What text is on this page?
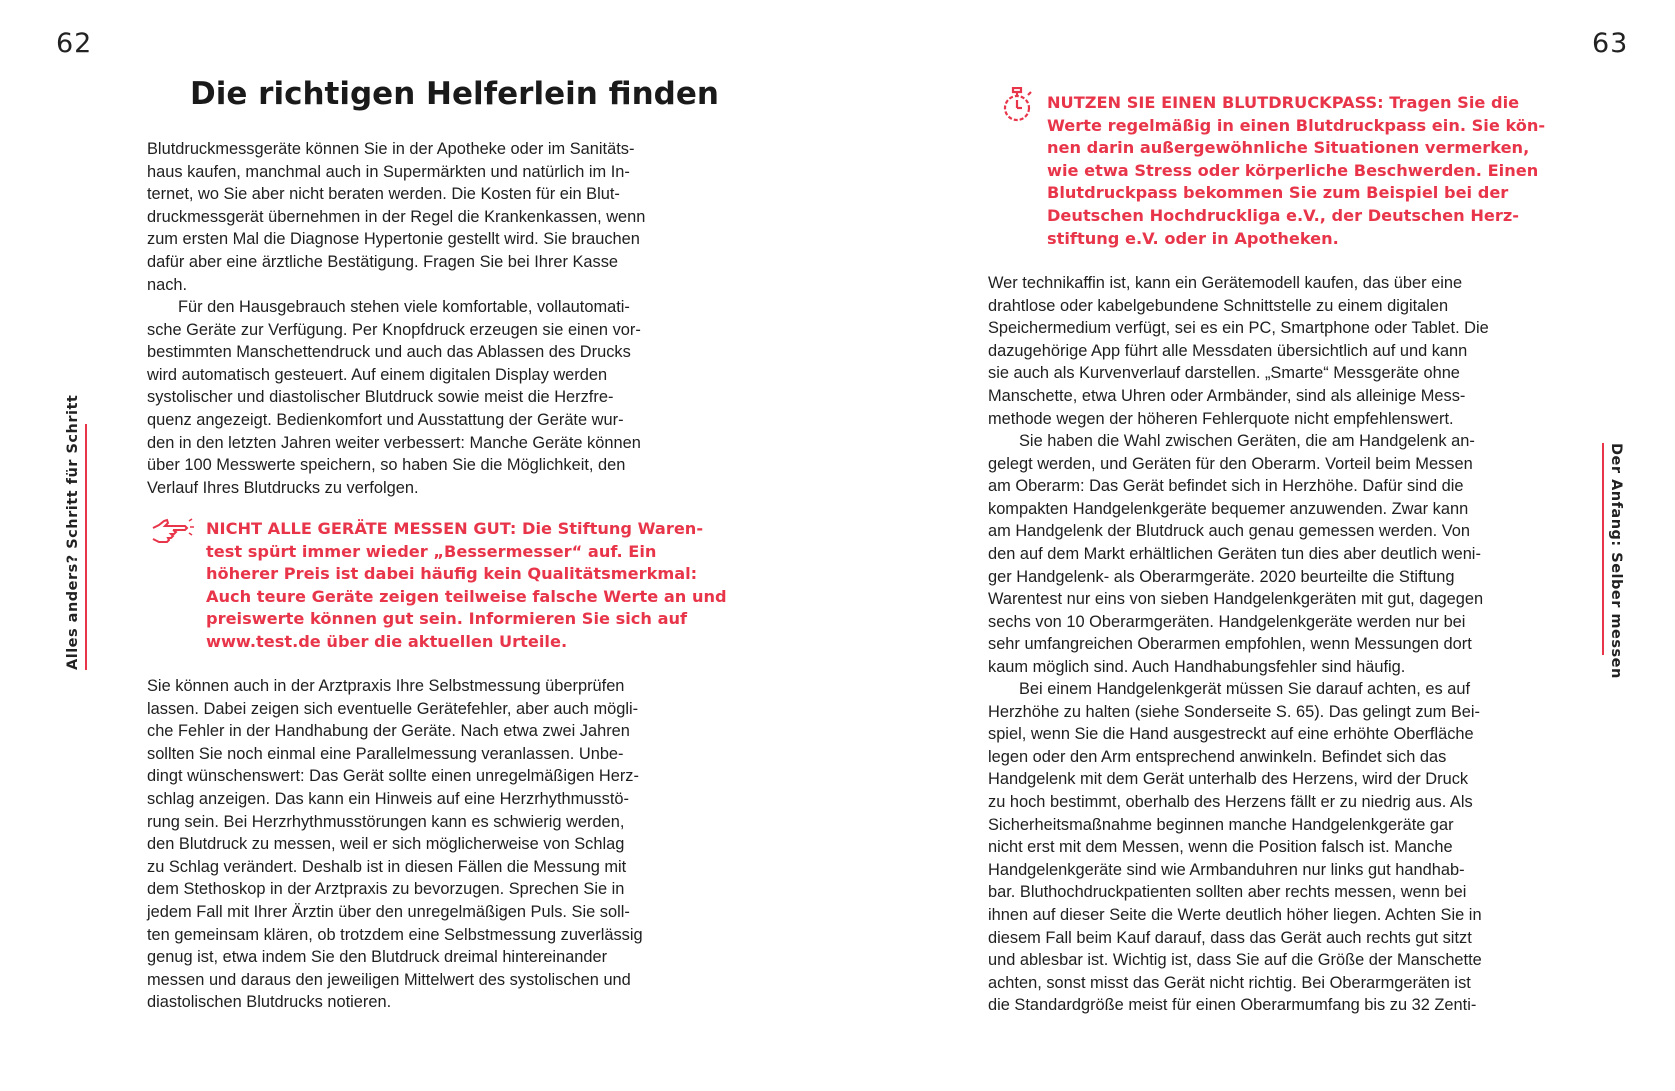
62
Alles anders? Schritt für Schritt
Die richtigen Helferlein finden
Blutdruckmessgeräte können Sie in der Apotheke oder im Sanitäts-
haus kaufen, manchmal auch in Supermärkten und natürlich im In-
ternet, wo Sie aber nicht beraten werden. Die Kosten für ein Blut-
druckmessgerät übernehmen in der Regel die Krankenkassen, wenn
zum ersten Mal die Diagnose Hypertonie gestellt wird. Sie brauchen
dafür aber eine ärztliche Bestätigung. Fragen Sie bei Ihrer Kasse
nach.
Für den Hausgebrauch stehen viele komfortable, vollautomati-
sche Geräte zur Verfügung. Per Knopfdruck erzeugen sie einen vor-
bestimmten Manschettendruck und auch das Ablassen des Drucks
wird automatisch gesteuert. Auf einem digitalen Display werden
systolischer und diastolischer Blutdruck sowie meist die Herzfre-
quenz angezeigt. Bedienkomfort und Ausstattung der Geräte wur-
den in den letzten Jahren weiter verbessert: Manche Geräte können
über 100 Messwerte speichern, so haben Sie die Möglichkeit, den
Verlauf Ihres Blutdrucks zu verfolgen.
NICHT ALLE GERÄTE MESSEN GUT: Die Stiftung Waren-
test spürt immer wieder „Bessermesser“ auf. Ein
höherer Preis ist dabei häufig kein Qualitätsmerkmal:
Auch teure Geräte zeigen teilweise falsche Werte an und
preiswerte können gut sein. Informieren Sie sich auf
www.test.de über die aktuellen Urteile.
Sie können auch in der Arztpraxis Ihre Selbstmessung überprüfen
lassen. Dabei zeigen sich eventuelle Gerätefehler, aber auch mögli-
che Fehler in der Handhabung der Geräte. Nach etwa zwei Jahren
sollten Sie noch einmal eine Parallelmessung veranlassen. Unbe-
dingt wünschenswert: Das Gerät sollte einen unregelmäßigen Herz-
schlag anzeigen. Das kann ein Hinweis auf eine Herzrhythmusstö-
rung sein. Bei Herzrhythmusstörungen kann es schwierig werden,
den Blutdruck zu messen, weil er sich möglicherweise von Schlag
zu Schlag verändert. Deshalb ist in diesen Fällen die Messung mit
dem Stethoskop in der Arztpraxis zu bevorzugen. Sprechen Sie in
jedem Fall mit Ihrer Ärztin über den unregelmäßigen Puls. Sie soll-
ten gemeinsam klären, ob trotzdem eine Selbstmessung zuverlässig
genug ist, etwa indem Sie den Blutdruck dreimal hintereinander
messen und daraus den jeweiligen Mittelwert des systolischen und
diastolischen Blutdrucks notieren.
63
Der Anfang: Selber messen
NUTZEN SIE EINEN BLUTDRUCKPASS: Tragen Sie die
Werte regelmäßig in einen Blutdruckpass ein. Sie kön-
nen darin außergewöhnliche Situationen vermerken,
wie etwa Stress oder körperliche Beschwerden. Einen
Blutdruckpass bekommen Sie zum Beispiel bei der
Deutschen Hochdruckliga e.V., der Deutschen Herz-
stiftung e.V. oder in Apotheken.
Wer technikaffin ist, kann ein Gerätemodell kaufen, das über eine
drahtlose oder kabelgebundene Schnittstelle zu einem digitalen
Speichermedium verfügt, sei es ein PC, Smartphone oder Tablet. Die
dazugehörige App führt alle Messdaten übersichtlich auf und kann
sie auch als Kurvenverlauf darstellen. „Smarte“ Messgeräte ohne
Manschette, etwa Uhren oder Armbänder, sind als alleinige Mess-
methode wegen der höheren Fehlerquote nicht empfehlenswert.
Sie haben die Wahl zwischen Geräten, die am Handgelenk an-
gelegt werden, und Geräten für den Oberarm. Vorteil beim Messen
am Oberarm: Das Gerät befindet sich in Herzhöhe. Dafür sind die
kompakten Handgelenkgeräte bequemer anzuwenden. Zwar kann
am Handgelenk der Blutdruck auch genau gemessen werden. Von
den auf dem Markt erhältlichen Geräten tun dies aber deutlich weni-
ger Handgelenk- als Oberarmgeräte. 2020 beurteilte die Stiftung
Warentest nur eins von sieben Handgelenkgeräten mit gut, dagegen
sechs von 10 Oberarmgeräten. Handgelenkgeräte werden nur bei
sehr umfangreichen Oberarmen empfohlen, wenn Messungen dort
kaum möglich sind. Auch Handhabungsfehler sind häufig.
Bei einem Handgelenkgerät müssen Sie darauf achten, es auf
Herzhöhe zu halten (siehe Sonderseite S. 65). Das gelingt zum Bei-
spiel, wenn Sie die Hand ausgestreckt auf eine erhöhte Oberfläche
legen oder den Arm entsprechend anwinkeln. Befindet sich das
Handgelenk mit dem Gerät unterhalb des Herzens, wird der Druck
zu hoch bestimmt, oberhalb des Herzens fällt er zu niedrig aus. Als
Sicherheitsmaßnahme beginnen manche Handgelenkgeräte gar
nicht erst mit dem Messen, wenn die Position falsch ist. Manche
Handgelenkgeräte sind wie Armbanduhren nur links gut handhab-
bar. Bluthochdruckpatienten sollten aber rechts messen, wenn bei
ihnen auf dieser Seite die Werte deutlich höher liegen. Achten Sie in
diesem Fall beim Kauf darauf, dass das Gerät auch rechts gut sitzt
und ablesbar ist. Wichtig ist, dass Sie auf die Größe der Manschette
achten, sonst misst das Gerät nicht richtig. Bei Oberarmgeräten ist
die Standardgröße meist für einen Oberarmumfang bis zu 32 Zenti-
